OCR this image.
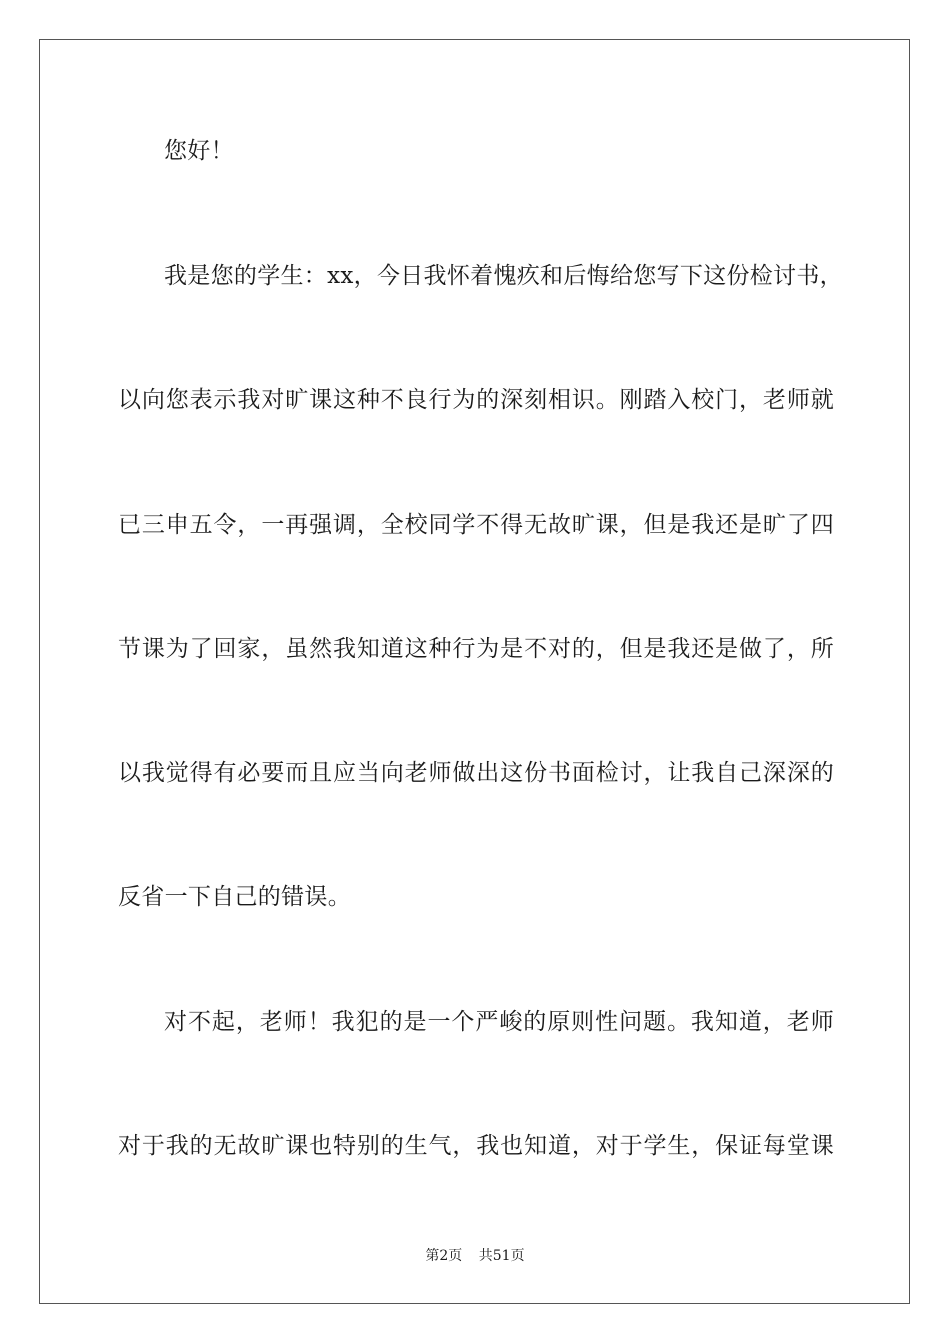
您好！
我是您的学生：xx，今日我怀着愧疚和后悔给您写下这份检讨书，
以向您表示我对旷课这种不良行为的深刻相识。刚踏入校门，老师就
已三申五令，一再强调，全校同学不得无故旷课，但是我还是旷了四
节课为了回家，虽然我知道这种行为是不对的，但是我还是做了，所
以我觉得有必要而且应当向老师做出这份书面检讨，让我自己深深的
反省一下自己的错误。
对不起，老师！我犯的是一个严峻的原则性问题。我知道，老师
对于我的无故旷课也特别的生气，我也知道，对于学生，保证每堂课
第2页 共51页
